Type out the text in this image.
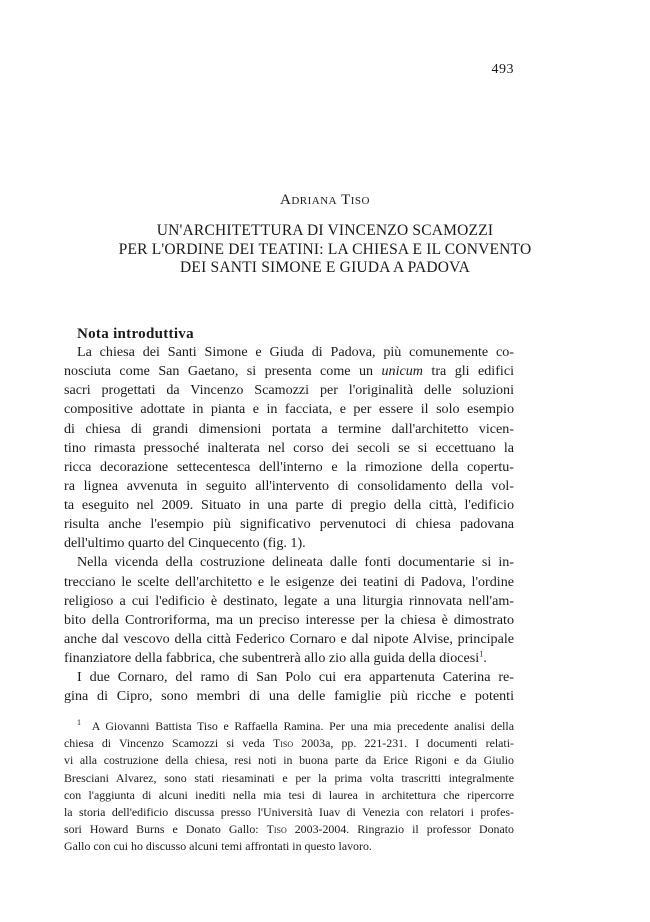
493
Adriana Tiso
UN'ARCHITETTURA DI VINCENZO SCAMOZZI
PER L'ORDINE DEI TEATINI: LA CHIESA E IL CONVENTO
DEI SANTI SIMONE E GIUDA A PADOVA
Nota introduttiva
La chiesa dei Santi Simone e Giuda di Padova, più comunemente co-
nosciuta come San Gaetano, si presenta come un unicum tra gli edifici
sacri progettati da Vincenzo Scamozzi per l'originalità delle soluzioni
compositive adottate in pianta e in facciata, e per essere il solo esempio
di chiesa di grandi dimensioni portata a termine dall'architetto vicen-
tino rimasta pressoché inalterata nel corso dei secoli se si eccettuano la
ricca decorazione settecentesca dell'interno e la rimozione della copertu-
ra lignea avvenuta in seguito all'intervento di consolidamento della vol-
ta eseguito nel 2009. Situato in una parte di pregio della città, l'edificio
risulta anche l'esempio più significativo pervenutoci di chiesa padovana
dell'ultimo quarto del Cinquecento (fig. 1).
Nella vicenda della costruzione delineata dalle fonti documentarie si in-
trecciano le scelte dell'architetto e le esigenze dei teatini di Padova, l'ordine
religioso a cui l'edificio è destinato, legate a una liturgia rinnovata nell'am-
bito della Controriforma, ma un preciso interesse per la chiesa è dimostrato
anche dal vescovo della città Federico Cornaro e dal nipote Alvise, principale
finanziatore della fabbrica, che subentrerà allo zio alla guida della diocesi$^1$.
I due Cornaro, del ramo di San Polo cui era appartenuta Caterina re-
gina di Cipro, sono membri di una delle famiglie più ricche e potenti
$^1$ A Giovanni Battista Tiso e Raffaella Ramina. Per una mia precedente analisi della
chiesa di Vincenzo Scamozzi si veda Tiso 2003a, pp. 221-231. I documenti relati-
vi alla costruzione della chiesa, resi noti in buona parte da Erice Rigoni e da Giulio
Bresciani Alvarez, sono stati riesaminati e per la prima volta trascritti integralmente
con l'aggiunta di alcuni inediti nella mia tesi di laurea in architettura che ripercorre
la storia dell'edificio discussa presso l'Università Iuav di Venezia con relatori i profes-
sori Howard Burns e Donato Gallo: Tiso 2003-2004. Ringrazio il professor Donato
Gallo con cui ho discusso alcuni temi affrontati in questo lavoro.
